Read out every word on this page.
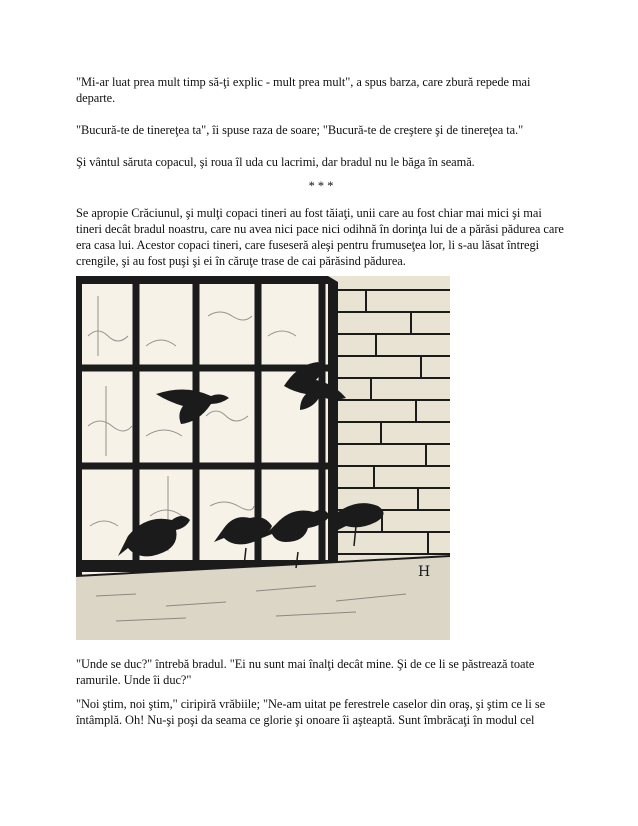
"Mi-ar luat prea mult timp să-ţi explic - mult prea mult", a spus barza, care zbură repede mai departe.

"Bucură-te de tinereţea ta", îi spuse raza de soare; "Bucură-te de creştere şi de tinereţea ta."

Şi vântul săruta copacul, şi roua îl uda cu lacrimi, dar bradul nu le băga în seamă.

* * *

Se apropie Crăciunul, şi mulţi copaci tineri au fost tăiaţi, unii care au fost chiar mai mici şi mai tineri decât bradul noastru, care nu avea nici pace nici odihnă în dorinţa lui de a părăsi pădurea care era casa lui. Acestor copaci tineri, care fuseseră aleşi pentru frumuseţea lor, li s-au lăsat întregi crengile, şi au fost puşi şi ei în căruţe trase de cai părăsind pădurea.

H

"Unde se duc?" întrebă bradul. "Ei nu sunt mai înalţi decât mine. Şi de ce li se păstrează toate ramurile. Unde îi duc?"

"Noi ştim, noi ştim," ciripiră vrăbiile; "Ne-am uitat pe ferestrele caselor din oraş, şi ştim ce li se întâmplă. Oh! Nu-şi poşi da seama ce glorie şi onoare îi aşteaptă. Sunt îmbrăcaţi în modul cel
